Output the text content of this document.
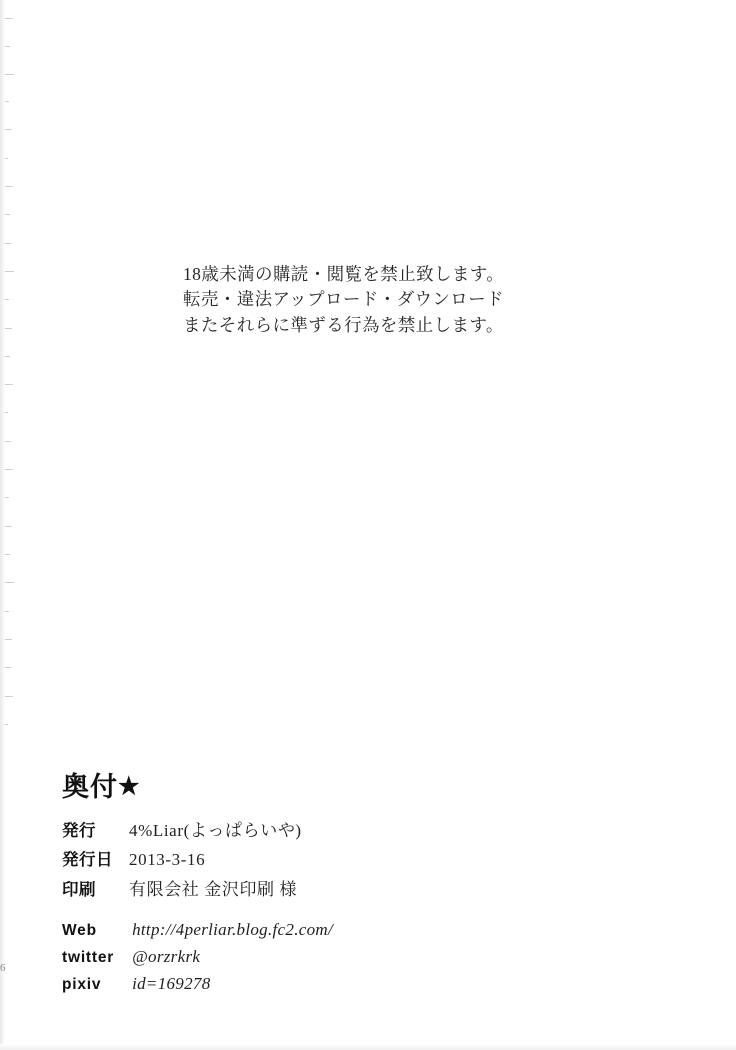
18歳未満の購読・閲覧を禁止致します。
転売・違法アップロード・ダウンロード
またそれらに準ずる行為を禁止します。
奥付★
発行	4%Liar(よっぱらいや)
発行日	2013-3-16
印刷	有限会社 金沢印刷 様
Web	http://4perliar.blog.fc2.com/
twitter	@orzrkrk
pixiv	id=169278
6
